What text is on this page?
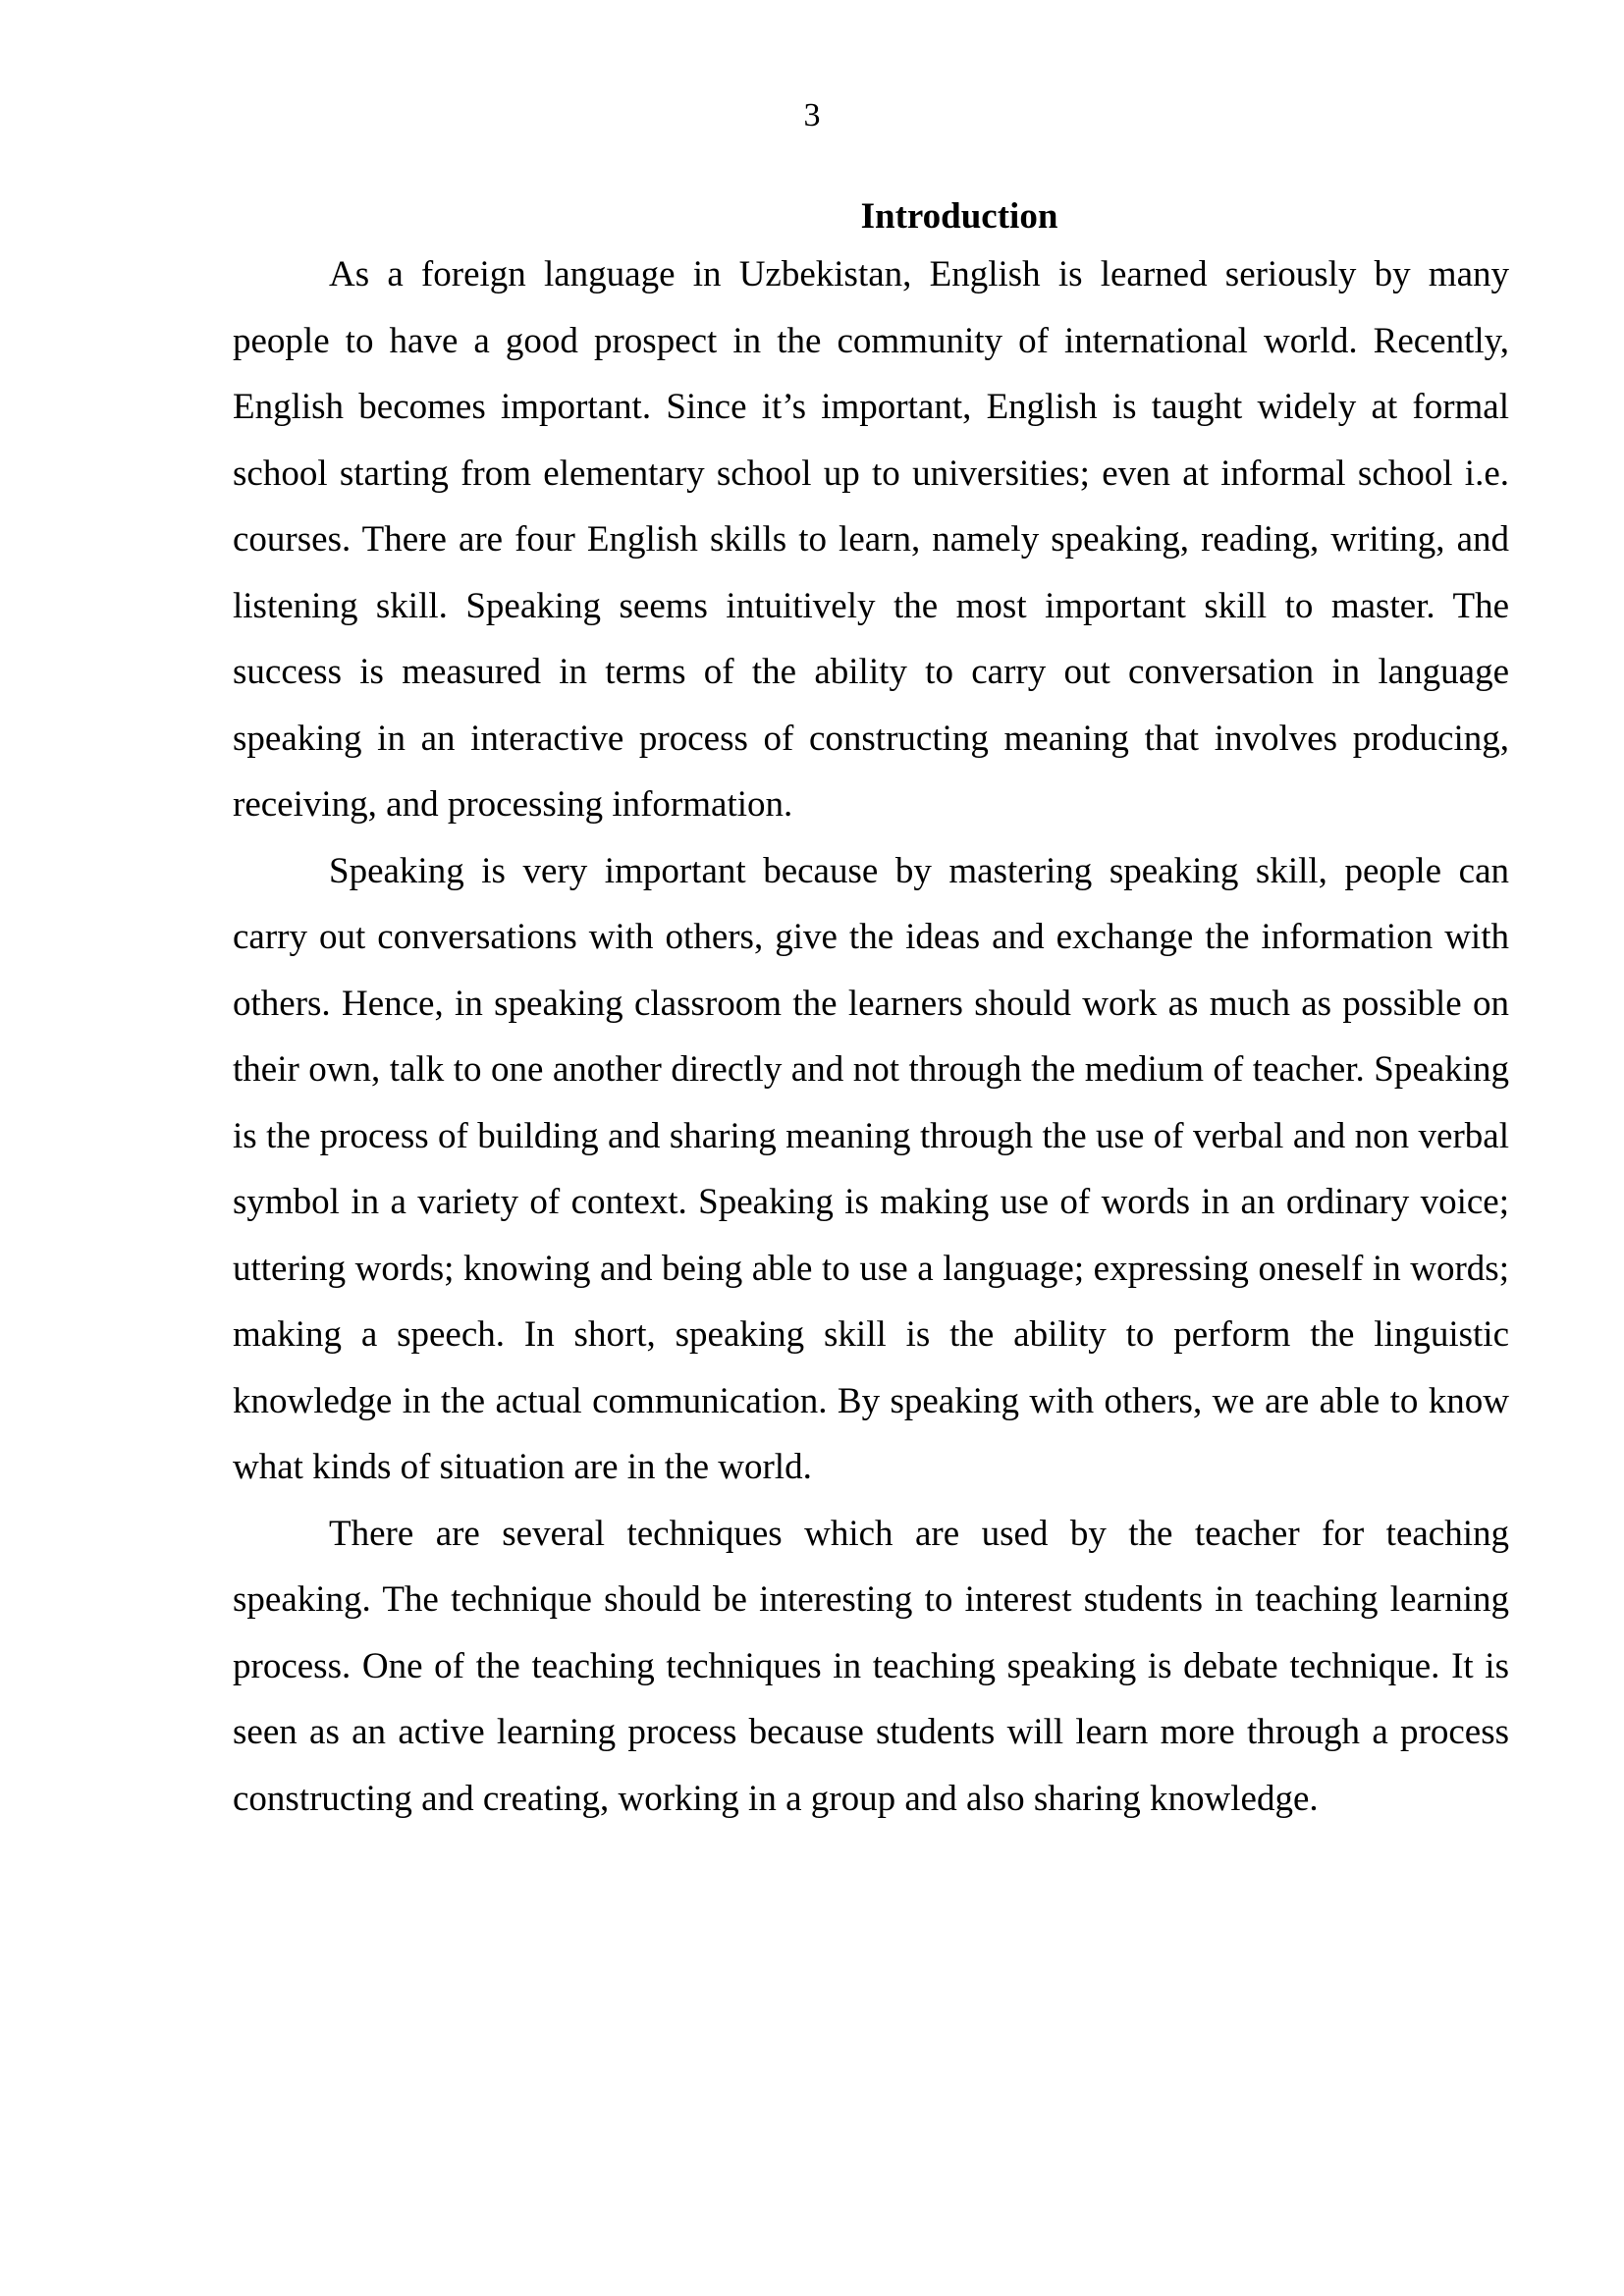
3

Introduction

As a foreign language in Uzbekistan, English is learned seriously by many people to have a good prospect in the community of international world. Recently, English becomes important. Since it’s important, English is taught widely at formal school starting from elementary school up to universities; even at informal school i.e. courses. There are four English skills to learn, namely speaking, reading, writing, and listening skill. Speaking seems intuitively the most important skill to master. The success is measured in terms of the ability to carry out conversation in language speaking in an interactive process of constructing meaning that involves producing, receiving, and processing information.

Speaking is very important because by mastering speaking skill, people can carry out conversations with others, give the ideas and exchange the information with others. Hence, in speaking classroom the learners should work as much as possible on their own, talk to one another directly and not through the medium of teacher. Speaking is the process of building and sharing meaning through the use of verbal and non verbal symbol in a variety of context. Speaking is making use of words in an ordinary voice; uttering words; knowing and being able to use a language; expressing oneself in words; making a speech. In short, speaking skill is the ability to perform the linguistic knowledge in the actual communication. By speaking with others, we are able to know what kinds of situation are in the world.

There are several techniques which are used by the teacher for teaching speaking. The technique should be interesting to interest students in teaching learning process. One of the teaching techniques in teaching speaking is debate technique. It is seen as an active learning process because students will learn more through a process constructing and creating, working in a group and also sharing knowledge.
